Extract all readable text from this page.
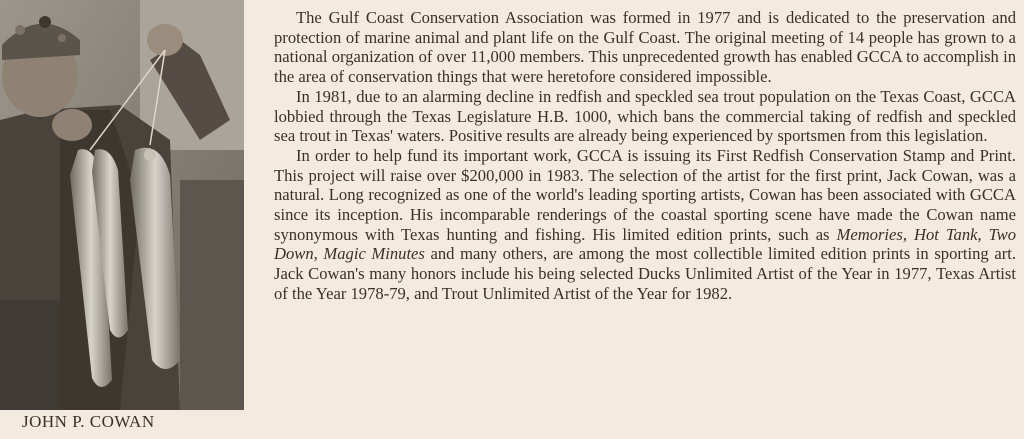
JOHN P. COWAN

The Gulf Coast Conservation Association was formed in 1977 and is dedicated to the preservation and protection of marine animal and plant life on the Gulf Coast. The original meeting of 14 people has grown to a national organization of over 11,000 members. This unprecedented growth has enabled GCCA to accomplish in the area of conservation things that were heretofore considered impossible.

In 1981, due to an alarming decline in redfish and speckled sea trout population on the Texas Coast, GCCA lobbied through the Texas Legislature H.B. 1000, which bans the commercial taking of redfish and speckled sea trout in Texas' waters. Positive results are already being experienced by sportsmen from this legislation.

In order to help fund its important work, GCCA is issuing its First Redfish Conservation Stamp and Print. This project will raise over $200,000 in 1983. The selection of the artist for the first print, Jack Cowan, was a natural. Long recognized as one of the world's leading sporting artists, Cowan has been associated with GCCA since its inception. His incomparable renderings of the coastal sporting scene have made the Cowan name synonymous with Texas hunting and fishing. His limited edition prints, such as Memories, Hot Tank, Two Down, Magic Minutes and many others, are among the most collectible limited edition prints in sporting art. Jack Cowan's many honors include his being selected Ducks Unlimited Artist of the Year in 1977, Texas Artist of the Year 1978-79, and Trout Unlimited Artist of the Year for 1982.
